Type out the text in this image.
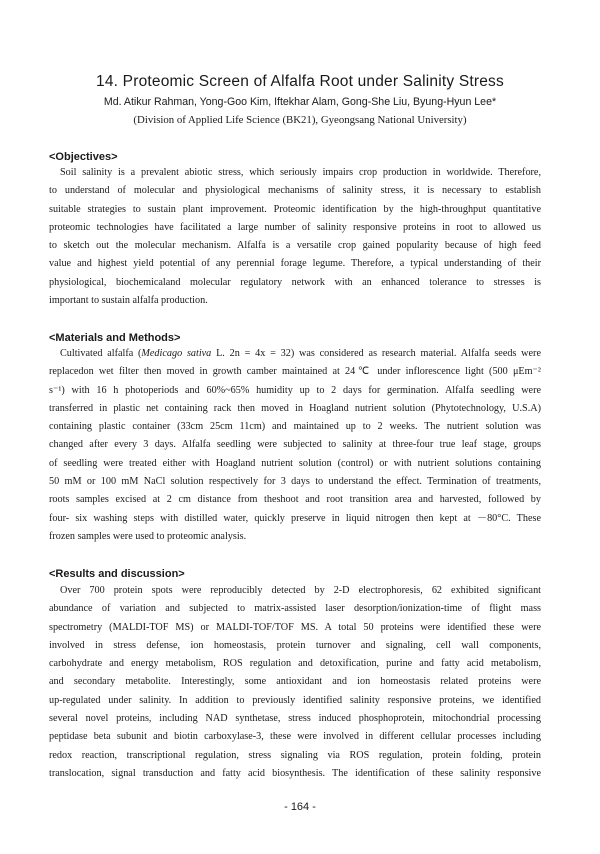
14. Proteomic Screen of Alfalfa Root under Salinity Stress
Md. Atikur Rahman, Yong-Goo Kim, Iftekhar Alam, Gong-She Liu, Byung-Hyun Lee*
(Division of Applied Life Science (BK21), Gyeongsang National University)
<Objectives>
Soil salinity is a prevalent abiotic stress, which seriously impairs crop production in worldwide. Therefore,
to understand of molecular and physiological mechanisms of salinity stress, it is necessary to establish
suitable strategies to sustain plant improvement. Proteomic identification by the high-throughput quantitative
proteomic technologies have facilitated a large number of salinity responsive proteins in root to allowed us
to sketch out the molecular mechanism. Alfalfa is a versatile crop gained popularity because of high feed
value and highest yield potential of any perennial forage legume. Therefore, a typical understanding of their
physiological, biochemicaland molecular regulatory network with an enhanced tolerance to stresses is
important to sustain alfalfa production.
<Materials and Methods>
Cultivated alfalfa (Medicago sativa L. 2n = 4x = 32) was considered as research material. Alfalfa seeds were
replacedon wet filter then moved in growth camber maintained at 24℃ under inflorescence light (500 μEm⁻²
s⁻¹) with 16 h photoperiods and 60%~65% humidity up to 2 days for germination. Alfalfa seedling were
transferred in plastic net containing rack then moved in Hoagland nutrient solution (Phytotechnology, U.S.A)
containing plastic container (33cm 25cm 11cm) and maintained up to 2 weeks. The nutrient solution was
changed after every 3 days. Alfalfa seedling were subjected to salinity at three-four true leaf stage, groups
of seedling were treated either with Hoagland nutrient solution (control) or with nutrient solutions containing
50 mM or 100 mM NaCl solution respectively for 3 days to understand the effect. Termination of treatments,
roots samples excised at 2 cm distance from theshoot and root transition area and harvested, followed by
four- six washing steps with distilled water, quickly preserve in liquid nitrogen then kept at －80°C. These
frozen samples were used to proteomic analysis.
<Results and discussion>
Over 700 protein spots were reproducibly detected by 2-D electrophoresis, 62 exhibited significant
abundance of variation and subjected to matrix-assisted laser desorption/ionization-time of flight mass
spectrometry (MALDI-TOF MS) or MALDI-TOF/TOF MS. A total 50 proteins were identified these were
involved in stress defense, ion homeostasis, protein turnover and signaling, cell wall components,
carbohydrate and energy metabolism, ROS regulation and detoxification, purine and fatty acid metabolism,
and secondary metabolite. Interestingly, some antioxidant and ion homeostasis related proteins were
up-regulated under salinity. In addition to previously identified salinity responsive proteins, we identified
several novel proteins, including NAD synthetase, stress induced phosphoprotein, mitochondrial processing
peptidase beta subunit and biotin carboxylase-3, these were involved in different cellular processes including
redox reaction, transcriptional regulation, stress signaling via ROS regulation, protein folding, protein
translocation, signal transduction and fatty acid biosynthesis. The identification of these salinity responsive
- 164 -
